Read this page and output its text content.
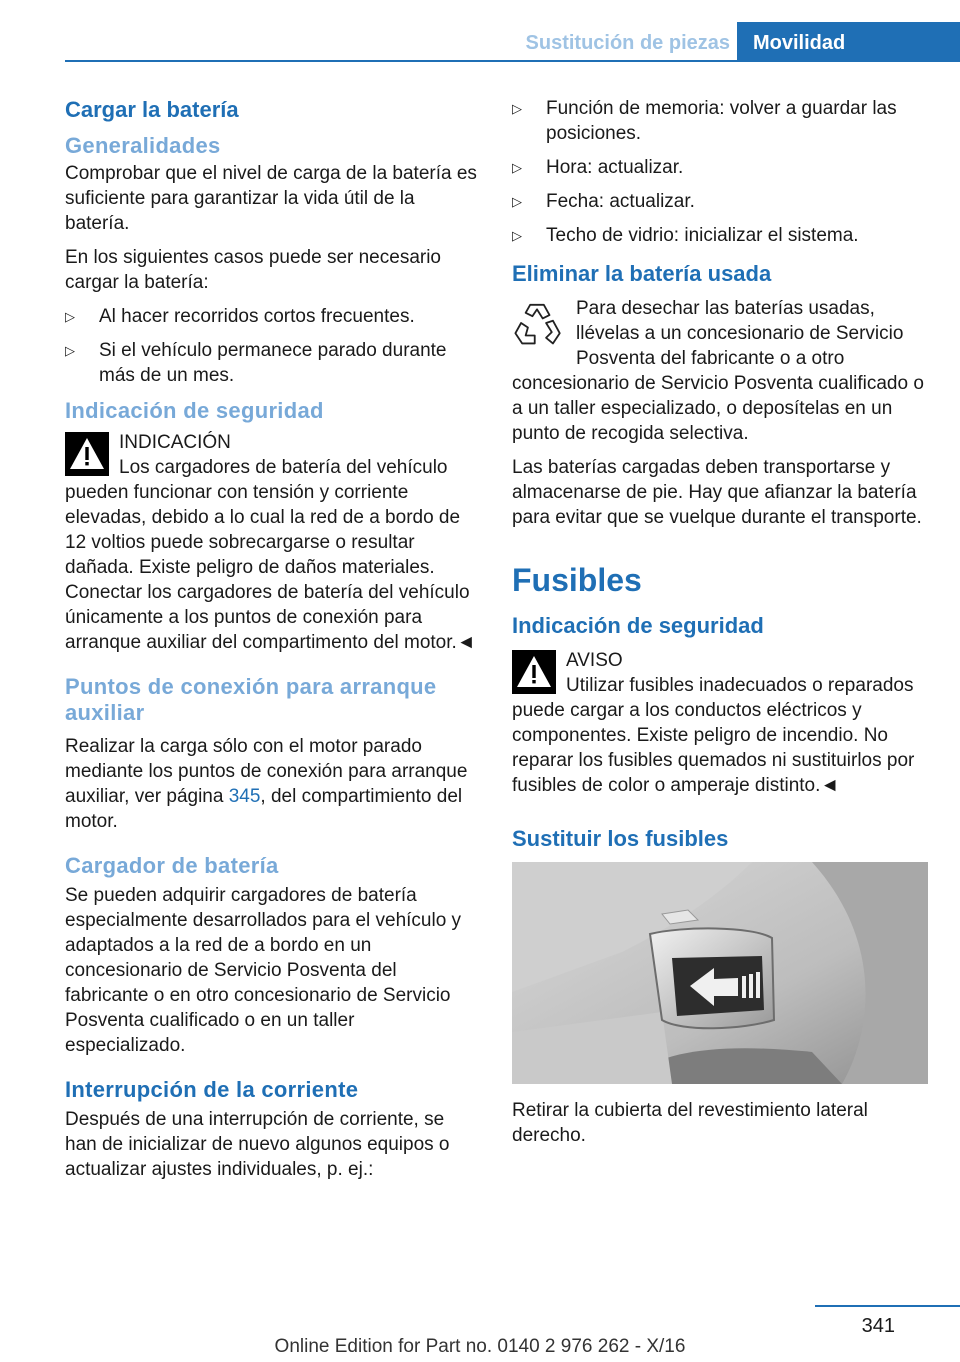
Sustitución de piezas	Movilidad
Cargar la batería
Generalidades

Comprobar que el nivel de carga de la batería es suficiente para garantizar la vida útil de la batería.

En los siguientes casos puede ser necesario cargar la batería:

▷ Al hacer recorridos cortos frecuentes.
▷ Si el vehículo permanece parado durante más de un mes.
Indicación de seguridad
INDICACIÓN

Los cargadores de batería del vehículo pueden funcionar con tensión y corriente elevadas, debido a lo cual la red de a bordo de 12 voltios puede sobrecargarse o resultar dañada. Existe peligro de daños materiales. Conectar los cargadores de batería del vehículo únicamente a los puntos de conexión para arranque auxiliar del compartimento del motor.◄

Puntos de conexión para arranque auxiliar

Realizar la carga sólo con el motor parado mediante los puntos de conexión para arranque auxiliar, ver página 345, del compartimiento del motor.

Cargador de batería

Se pueden adquirir cargadores de batería especialmente desarrollados para el vehículo y adaptados a la red de a bordo en un concesionario de Servicio Posventa del fabricante o en otro concesionario de Servicio Posventa cualificado o en un taller especializado.

Interrupción de la corriente

Después de una interrupción de corriente, se han de inicializar de nuevo algunos equipos o actualizar ajustes individuales, p. ej.:

▷ Función de memoria: volver a guardar las posiciones.
▷ Hora: actualizar.
▷ Fecha: actualizar.
▷ Techo de vidrio: inicializar el sistema.
Eliminar la batería usada

Para desechar las baterías usadas, llévelas a un concesionario de Servicio Posventa del fabricante o a otro concesionario de Servicio Posventa cualificado o a un taller especializado, o deposítelas en un punto de recogida selectiva.

Las baterías cargadas deben transportarse y almacenarse de pie. Hay que afianzar la batería para evitar que se vuelque durante el transporte.

Fusibles
Indicación de seguridad
AVISO

Utilizar fusibles inadecuados o reparados puede cargar a los conductos eléctricos y componentes. Existe peligro de incendio. No reparar los fusibles quemados ni sustituirlos por fusibles de color o amperaje distinto.◄

Sustituir los fusibles

Retirar la cubierta del revestimiento lateral derecho.

341
Online Edition for Part no. 0140 2 976 262 - X/16
